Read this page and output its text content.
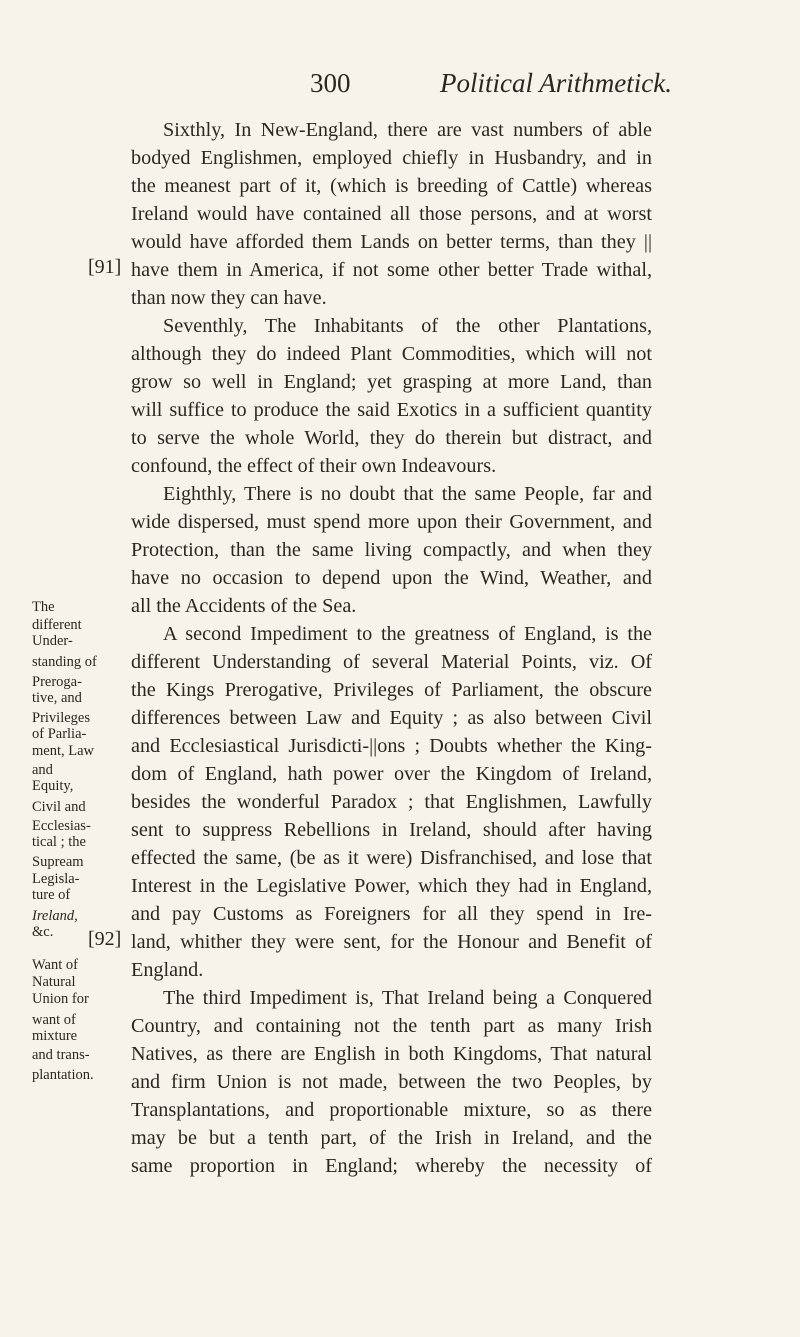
300	Political Arithmetick.
Sixthly, In New-England, there are vast numbers of able
bodyed Englishmen, employed chiefly in Husbandry, and in
the meanest part of it, (which is breeding of Cattle) whereas
Ireland would have contained all those persons, and at worst
would have afforded them Lands on better terms, than they ||
have them in America, if not some other better Trade withal,
than now they can have.
Seventhly, The Inhabitants of the other Plantations,
although they do indeed Plant Commodities, which will not
grow so well in England; yet grasping at more Land, than
will suffice to produce the said Exotics in a sufficient quantity
to serve the whole World, they do therein but distract, and
confound, the effect of their own Indeavours.
Eighthly, There is no doubt that the same People, far and
wide dispersed, must spend more upon their Government, and
Protection, than the same living compactly, and when they
have no occasion to depend upon the Wind, Weather, and
all the Accidents of the Sea.
A second Impediment to the greatness of England, is the
different Understanding of several Material Points, viz. Of
the Kings Prerogative, Privileges of Parliament, the obscure
differences between Law and Equity ; as also between Civil
and Ecclesiastical Jurisdicti-||ons ; Doubts whether the King-
dom of England, hath power over the Kingdom of Ireland,
besides the wonderful Paradox ; that Englishmen, Lawfully
sent to suppress Rebellions in Ireland, should after having
effected the same, (be as it were) Disfranchised, and lose that
Interest in the Legislative Power, which they had in England,
and pay Customs as Foreigners for all they spend in Ire-
land, whither they were sent, for the Honour and Benefit of
England.
The third Impediment is, That Ireland being a Conquered
Country, and containing not the tenth part as many Irish
Natives, as there are English in both Kingdoms, That natural
and firm Union is not made, between the two Peoples, by
Transplantations, and proportionable mixture, so as there
may be but a tenth part, of the Irish in Ireland, and the
same proportion in England; whereby the necessity of
[91]
[92]
The
different
Under-
standing of
Preroga-
tive, and
Privileges
of Parlia-
ment, Law
and
Equity,
Civil and
Ecclesias-
tical ; the
Supream
Legisla-
ture of
Ireland,
&c.
Want of
Natural
Union for
want of
mixture
and trans-
plantation.
